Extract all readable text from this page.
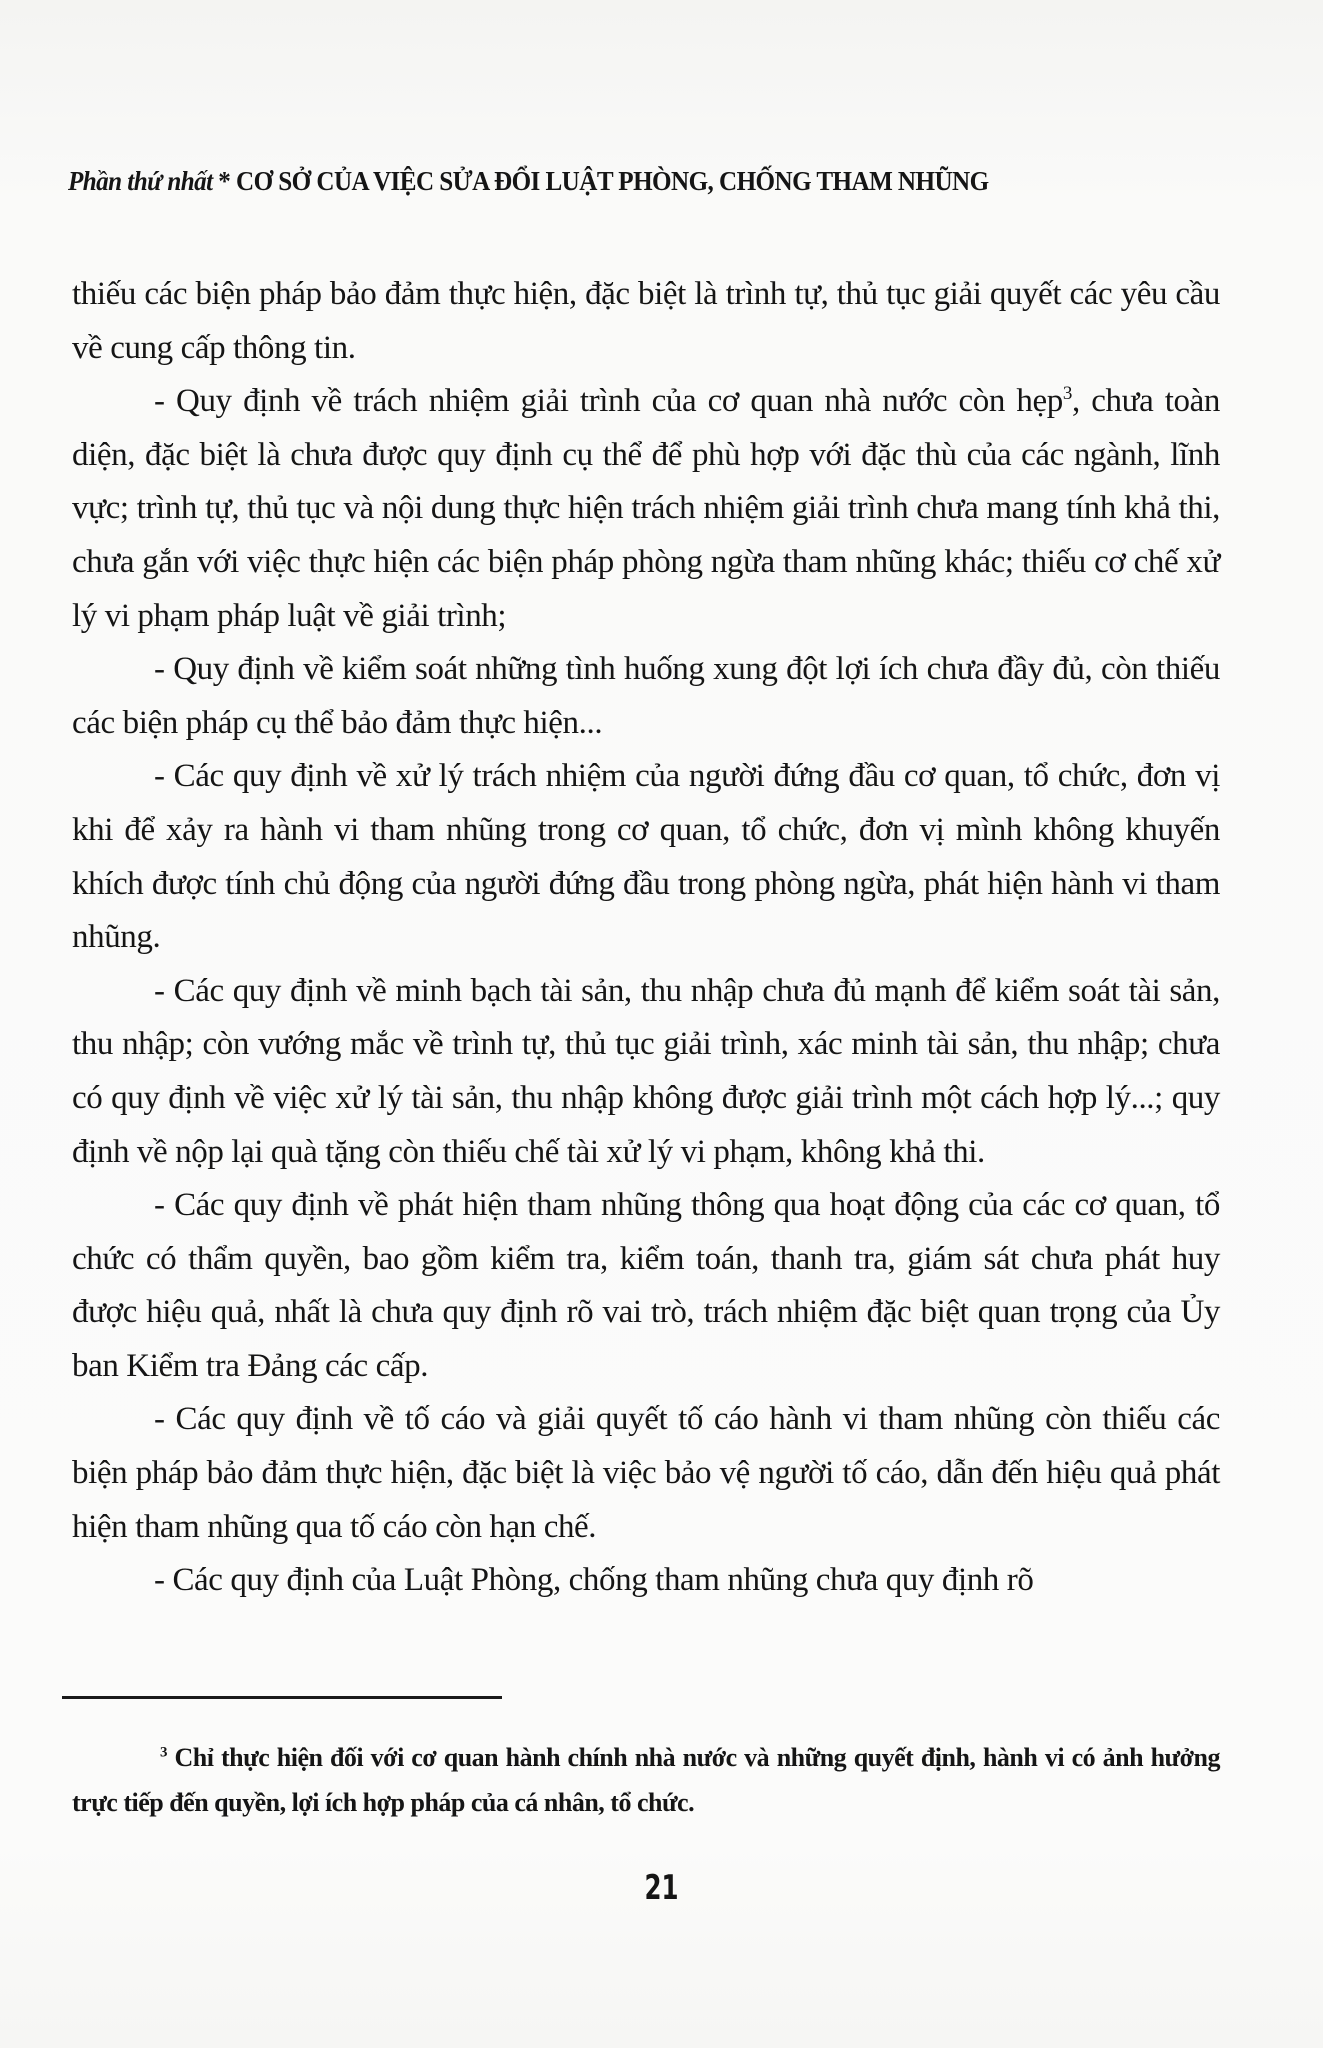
Phần thứ nhất * CƠ SỞ CỦA VIỆC SỬA ĐỔI LUẬT PHÒNG, CHỐNG THAM NHŨNG

thiếu các biện pháp bảo đảm thực hiện, đặc biệt là trình tự, thủ tục giải quyết các yêu cầu về cung cấp thông tin.

- Quy định về trách nhiệm giải trình của cơ quan nhà nước còn hẹp$^3$, chưa toàn diện, đặc biệt là chưa được quy định cụ thể để phù hợp với đặc thù của các ngành, lĩnh vực; trình tự, thủ tục và nội dung thực hiện trách nhiệm giải trình chưa mang tính khả thi, chưa gắn với việc thực hiện các biện pháp phòng ngừa tham nhũng khác; thiếu cơ chế xử lý vi phạm pháp luật về giải trình;

- Quy định về kiểm soát những tình huống xung đột lợi ích chưa đầy đủ, còn thiếu các biện pháp cụ thể bảo đảm thực hiện...

- Các quy định về xử lý trách nhiệm của người đứng đầu cơ quan, tổ chức, đơn vị khi để xảy ra hành vi tham nhũng trong cơ quan, tổ chức, đơn vị mình không khuyến khích được tính chủ động của người đứng đầu trong phòng ngừa, phát hiện hành vi tham nhũng.

- Các quy định về minh bạch tài sản, thu nhập chưa đủ mạnh để kiểm soát tài sản, thu nhập; còn vướng mắc về trình tự, thủ tục giải trình, xác minh tài sản, thu nhập; chưa có quy định về việc xử lý tài sản, thu nhập không được giải trình một cách hợp lý...; quy định về nộp lại quà tặng còn thiếu chế tài xử lý vi phạm, không khả thi.

- Các quy định về phát hiện tham nhũng thông qua hoạt động của các cơ quan, tổ chức có thẩm quyền, bao gồm kiểm tra, kiểm toán, thanh tra, giám sát chưa phát huy được hiệu quả, nhất là chưa quy định rõ vai trò, trách nhiệm đặc biệt quan trọng của Ủy ban Kiểm tra Đảng các cấp.

- Các quy định về tố cáo và giải quyết tố cáo hành vi tham nhũng còn thiếu các biện pháp bảo đảm thực hiện, đặc biệt là việc bảo vệ người tố cáo, dẫn đến hiệu quả phát hiện tham nhũng qua tố cáo còn hạn chế.

- Các quy định của Luật Phòng, chống tham nhũng chưa quy định rõ

$^3$ Chỉ thực hiện đối với cơ quan hành chính nhà nước và những quyết định, hành vi có ảnh hưởng trực tiếp đến quyền, lợi ích hợp pháp của cá nhân, tổ chức.

21
